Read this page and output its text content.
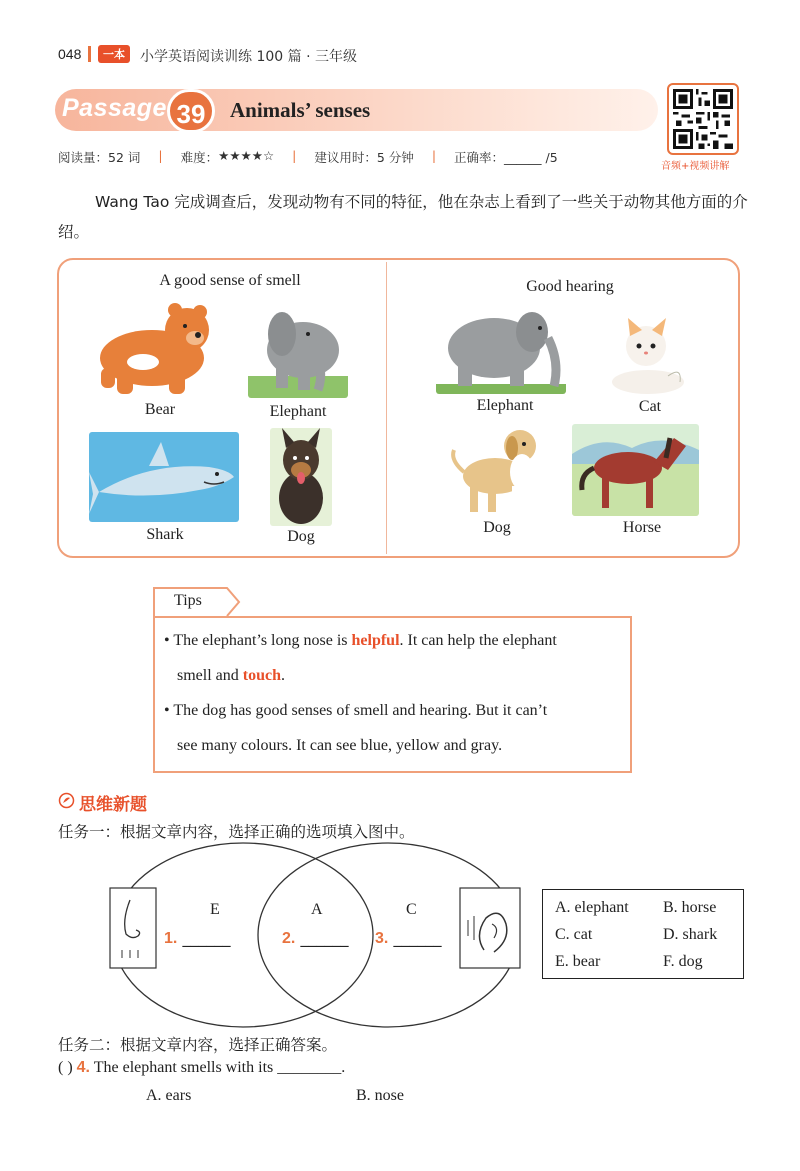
048	一本	小学英语阅读训练 100 篇 · 三年级
Passage 39	Animals’ senses
音频+视频讲解
阅读量：52 词 | 难度： ★★★★☆ | 建议用时：5 分钟 | 正确率：______ /5
Wang Tao 完成调查后，发现动物有不同的特征，他在杂志上看到了一些关于动物其他方面的介绍。
A good sense of smell	Good hearing
Bear	Elephant
Shark	Dog
Elephant	Cat
Dog	Horse
Tips
• The elephant’s long nose is helpful. It can help the elephant
smell and touch.
• The dog has good senses of smell and hearing. But it can’t
see many colours. It can see blue, yellow and gray.
思维新题
任务一：根据文章内容，选择正确的选项填入图中。
E	A	C
1. ______	2. ______ 3. ______
A. elephant B. horse
C. cat	D. shark
E. bear	F. dog
任务二：根据文章内容，选择正确答案。
( ) 4. The elephant smells with its ________.
A. ears	B. nose
